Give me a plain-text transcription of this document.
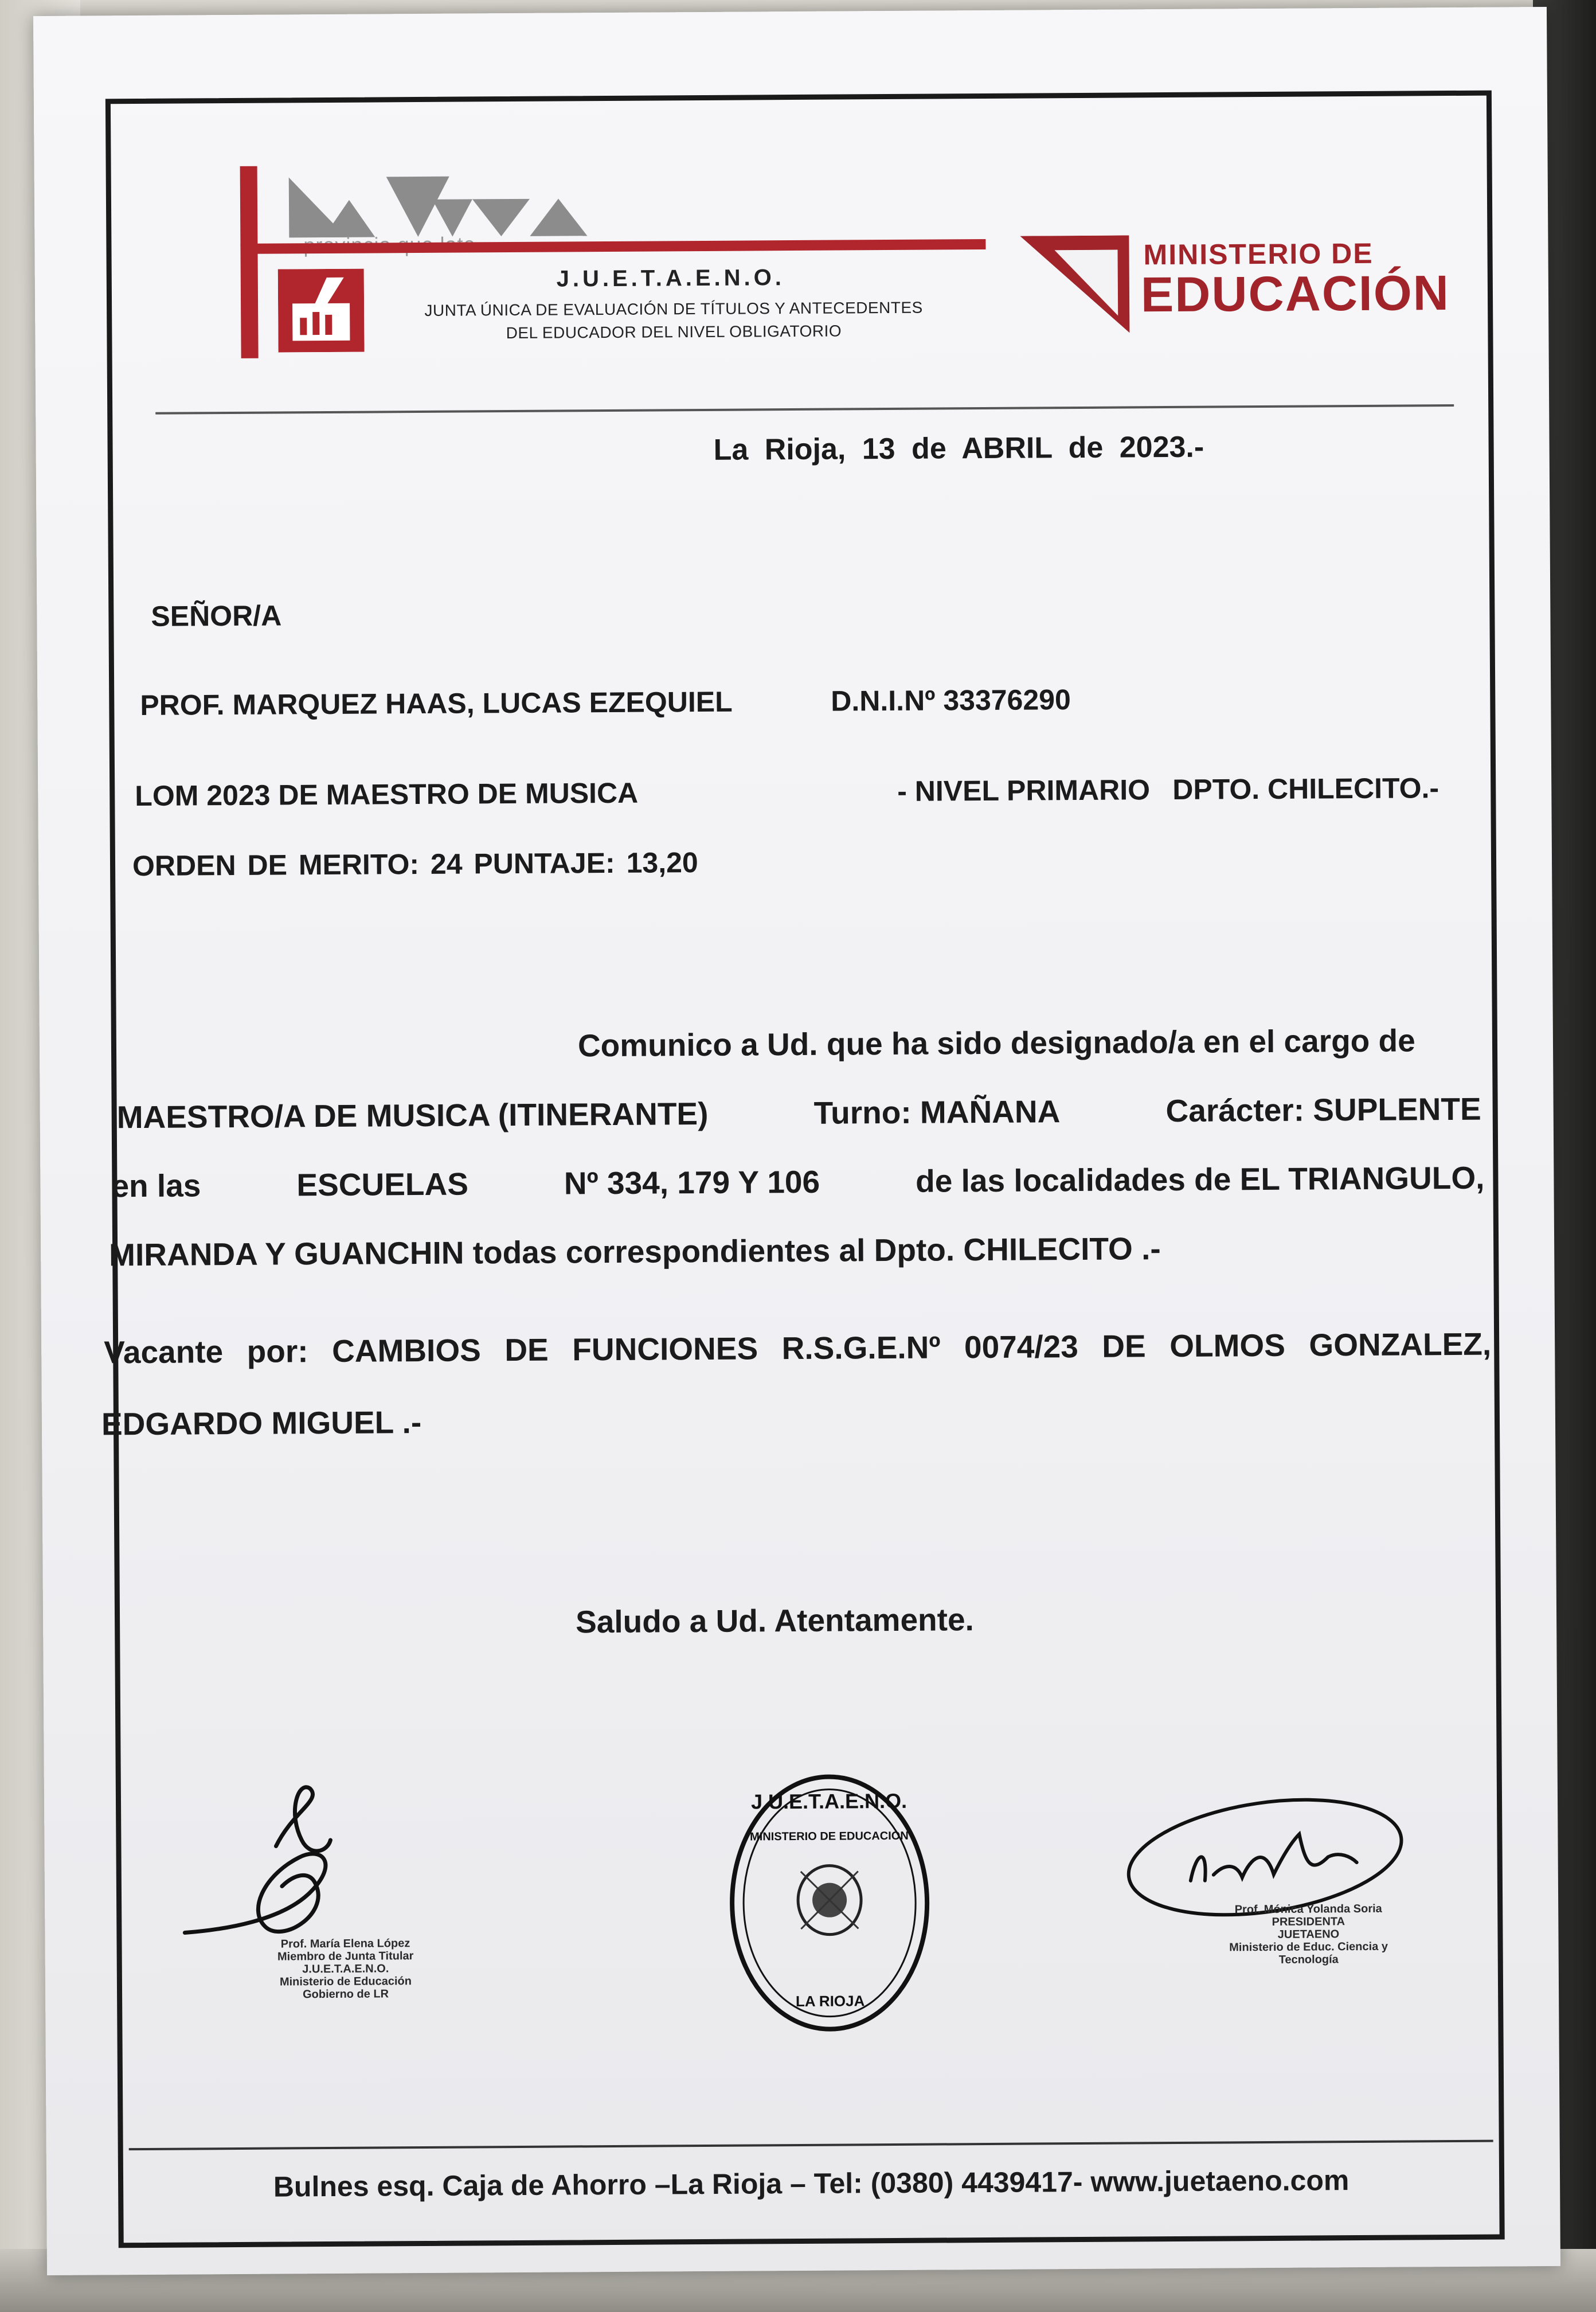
J.U.E.T.A.E.N.O.
JUNTA ÚNICA DE EVALUACIÓN DE TÍTULOS Y ANTECEDENTES
DEL EDUCADOR DEL NIVEL OBLIGATORIO
MINISTERIO DE
EDUCACIÓN
La Rioja, 13 de ABRIL de 2023.-
SEÑOR/A
PROF. MARQUEZ HAAS, LUCAS EZEQUIEL	D.N.I.Nº 33376290
LOM 2023 DE MAESTRO DE MUSICA	- NIVEL PRIMARIO DPTO. CHILECITO.-
ORDEN DE MERITO: 24 PUNTAJE: 13,20
Comunico a Ud. que ha sido designado/a en el cargo de
MAESTRO/A DE MUSICA (ITINERANTE)	Turno: MAÑANA	Carácter: SUPLENTE
en las	ESCUELAS	Nº 334, 179 Y 106	de las localidades de EL TRIANGULO,
MIRANDA Y GUANCHIN todas correspondientes al Dpto. CHILECITO .-
Vacante por: CAMBIOS DE FUNCIONES R.S.G.E.Nº 0074/23 DE OLMOS GONZALEZ,
EDGARDO MIGUEL .-
Saludo a Ud. Atentamente.
Prof. María Elena López
Miembro de Junta Titular
J.U.E.T.A.E.N.O.
Ministerio de Educación
Gobierno de LR
J.U.E.T.A.E.N.O.
MINISTERIO DE EDUCACION
LA RIOJA
Prof. Mónica Yolanda Soria
PRESIDENTA
JUETAENO
Ministerio de Educ. Ciencia y Tecnología
Bulnes esq. Caja de Ahorro –La Rioja – Tel: (0380) 4439417- www.juetaeno.com
